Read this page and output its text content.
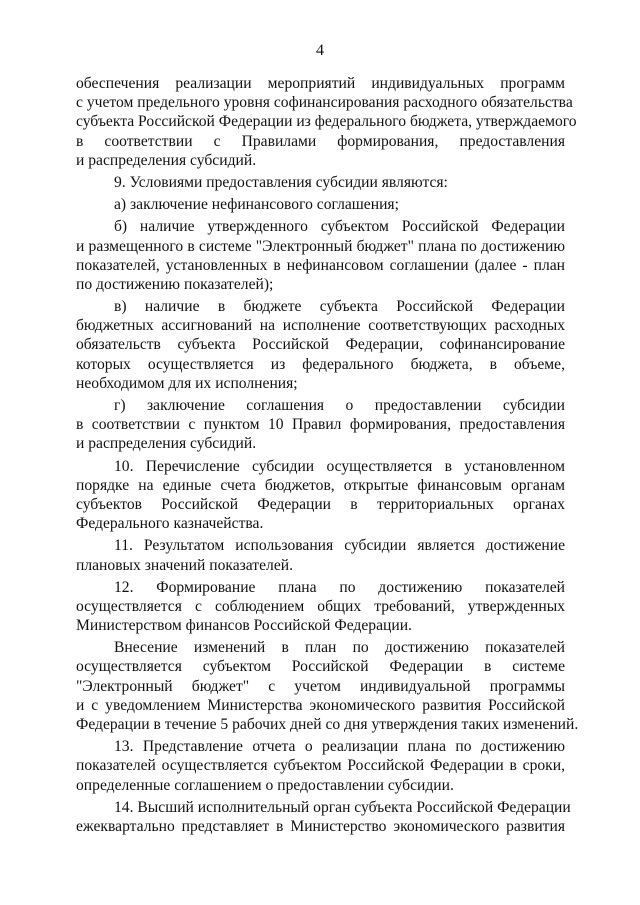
4
обеспечения реализации мероприятий индивидуальных программ
с учетом предельного уровня софинансирования расходного обязательства
субъекта Российской Федерации из федерального бюджета, утверждаемого
в соответствии с Правилами формирования, предоставления
и распределения субсидий.
9. Условиями предоставления субсидии являются:
а) заключение нефинансового соглашения;
б) наличие утвержденного субъектом Российской Федерации
и размещенного в системе "Электронный бюджет" плана по достижению
показателей, установленных в нефинансовом соглашении (далее - план
по достижению показателей);
в) наличие в бюджете субъекта Российской Федерации
бюджетных ассигнований на исполнение соответствующих расходных
обязательств субъекта Российской Федерации, софинансирование
которых осуществляется из федерального бюджета, в объеме,
необходимом для их исполнения;
г) заключение соглашения о предоставлении субсидии
в соответствии с пунктом 10 Правил формирования, предоставления
и распределения субсидий.
10. Перечисление субсидии осуществляется в установленном
порядке на единые счета бюджетов, открытые финансовым органам
субъектов Российской Федерации в территориальных органах
Федерального казначейства.
11. Результатом использования субсидии является достижение
плановых значений показателей.
12. Формирование плана по достижению показателей
осуществляется с соблюдением общих требований, утвержденных
Министерством финансов Российской Федерации.
Внесение изменений в план по достижению показателей
осуществляется субъектом Российской Федерации в системе
"Электронный бюджет" с учетом индивидуальной программы
и с уведомлением Министерства экономического развития Российской
Федерации в течение 5 рабочих дней со дня утверждения таких изменений.
13. Представление отчета о реализации плана по достижению
показателей осуществляется субъектом Российской Федерации в сроки,
определенные соглашением о предоставлении субсидии.
14. Высший исполнительный орган субъекта Российской Федерации
ежеквартально представляет в Министерство экономического развития
